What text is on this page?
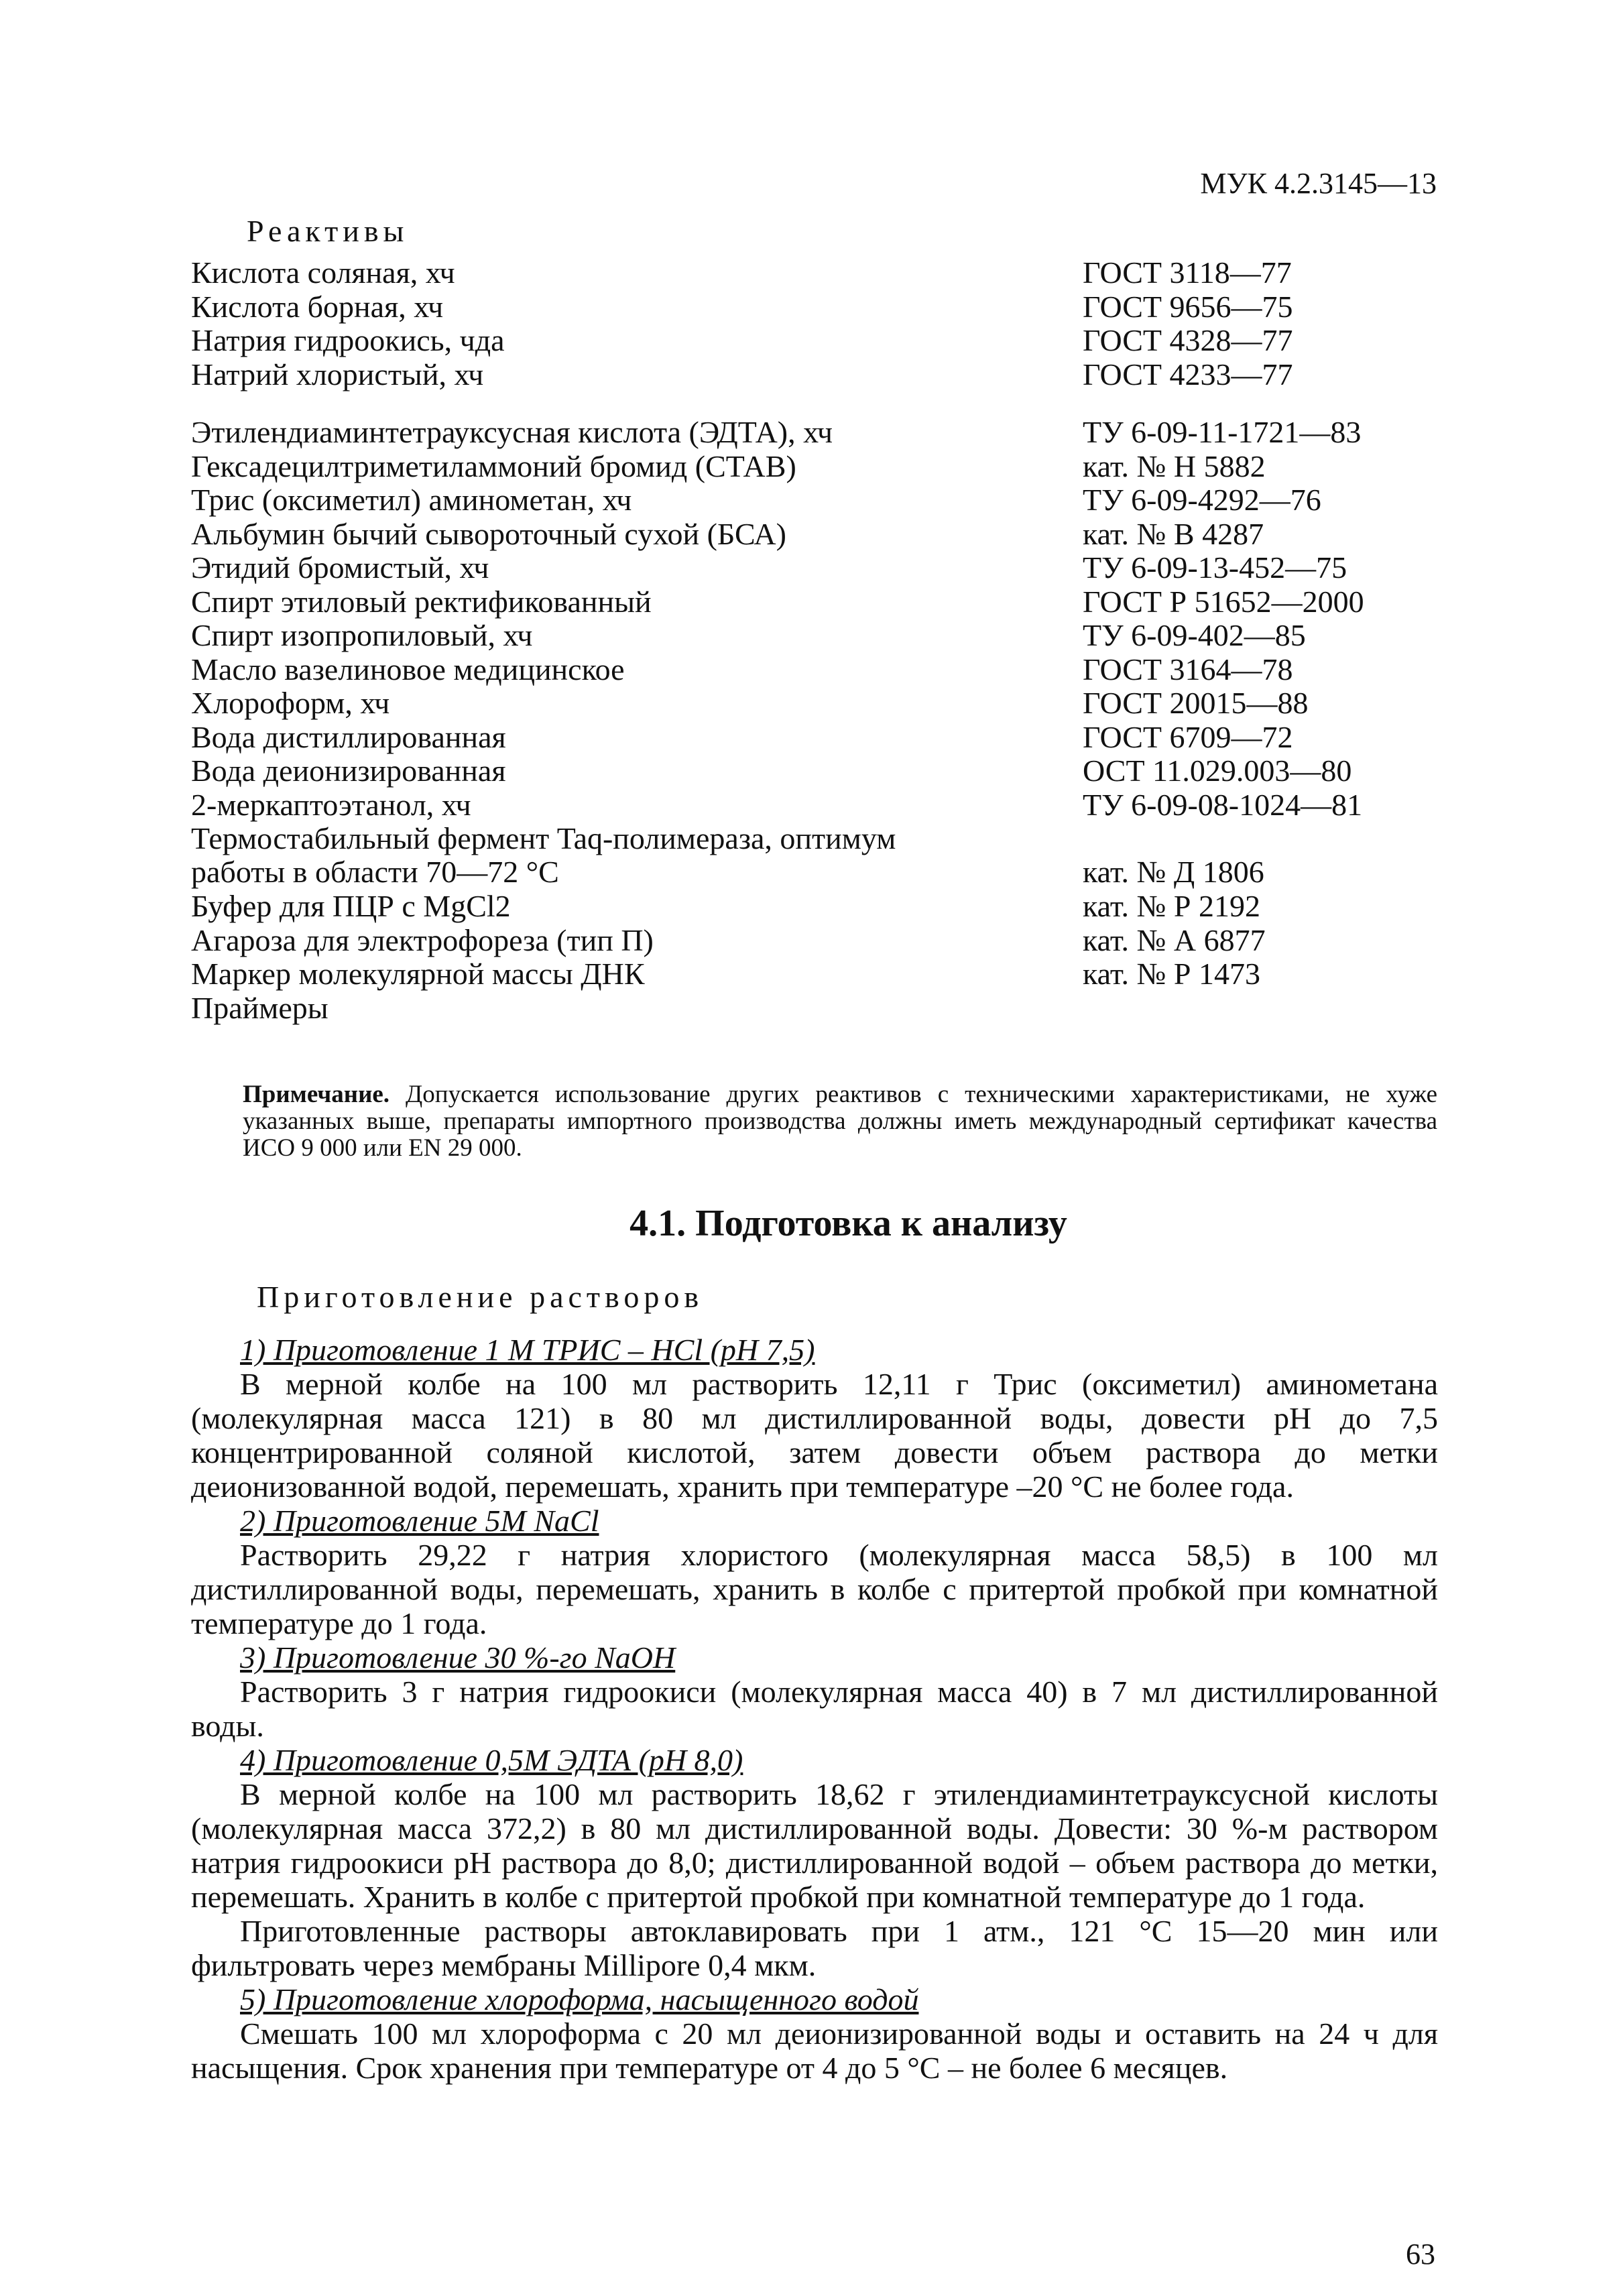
МУК 4.2.3145—13
Реактивы
Кислота соляная, хч	ГОСТ 3118—77
Кислота борная, хч	ГОСТ 9656—75
Натрия гидроокись, чда	ГОСТ 4328—77
Натрий хлористый, хч	ГОСТ 4233—77
Этилендиаминтетрауксусная кислота (ЭДТА), хч	ТУ 6-09-11-1721—83
Гексадецилтриметиламмоний бромид (СТАВ)	кат. № Н 5882
Трис (оксиметил) аминометан, хч	ТУ 6-09-4292—76
Альбумин бычий сывороточный сухой (БСА)	кат. № В 4287
Этидий бромистый, хч	ТУ 6-09-13-452—75
Спирт этиловый ректификованный	ГОСТ Р 51652—2000
Спирт изопропиловый, хч	ТУ 6-09-402—85
Масло вазелиновое медицинское	ГОСТ 3164—78
Хлороформ, хч	ГОСТ 20015—88
Вода дистиллированная	ГОСТ 6709—72
Вода деионизированная	ОСТ 11.029.003—80
2-меркаптоэтанол, хч	ТУ 6-09-08-1024—81
Термостабильный фермент Taq-полимераза, оптимум работы в области 70—72 °С	кат. № Д 1806
Буфер для ПЦР с MgCl2	кат. № Р 2192
Агароза для электрофореза (тип П)	кат. № А 6877
Маркер молекулярной массы ДНК	кат. № Р 1473
Праймеры
Примечание. Допускается использование других реактивов с техническими характеристиками, не хуже указанных выше, препараты импортного производства должны иметь международный сертификат качества ИСО 9 000 или EN 29 000.
4.1. Подготовка к анализу
Приготовление растворов
1) Приготовление 1 М ТРИС – HCl (pH 7,5)

В мерной колбе на 100 мл растворить 12,11 г Трис (оксиметил) аминометана (молекулярная масса 121) в 80 мл дистиллированной воды, довести pH до 7,5 концентрированной соляной кислотой, затем довести объем раствора до метки деионизованной водой, перемешать, хранить при температуре –20 °С не более года.

2) Приготовление 5М NaCl

Растворить 29,22 г натрия хлористого (молекулярная масса 58,5) в 100 мл дистиллированной воды, перемешать, хранить в колбе с притертой пробкой при комнатной температуре до 1 года.

3) Приготовление 30 %-го NaOH

Растворить 3 г натрия гидроокиси (молекулярная масса 40) в 7 мл дистиллированной воды.

4) Приготовление 0,5М ЭДТА (pH 8,0)

В мерной колбе на 100 мл растворить 18,62 г этилендиаминтетрауксусной кислоты (молекулярная масса 372,2) в 80 мл дистиллированной воды. Довести: 30 %-м раствором натрия гидроокиси pH раствора до 8,0; дистиллированной водой – объем раствора до метки, перемешать. Хранить в колбе с притертой пробкой при комнатной температуре до 1 года.

Приготовленные растворы автоклавировать при 1 атм., 121 °С 15—20 мин или фильтровать через мембраны Millipore 0,4 мкм.

5) Приготовление хлороформа, насыщенного водой

Смешать 100 мл хлороформа с 20 мл деионизированной воды и оставить на 24 ч для насыщения. Срок хранения при температуре от 4 до 5 °С – не более 6 месяцев.

63
